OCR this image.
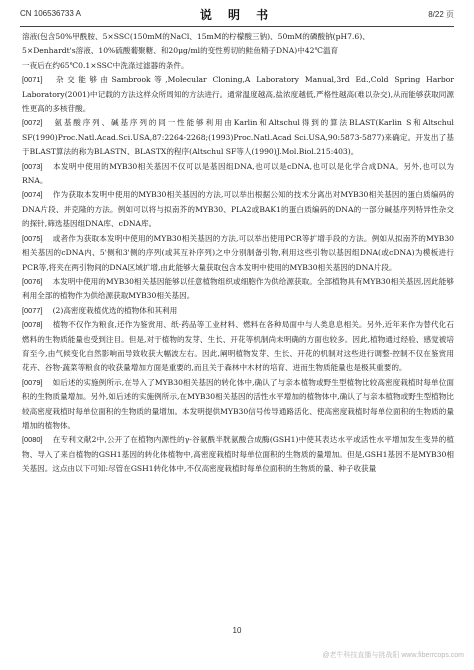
CN 106536733 A	说 明 书	8/22 页

溶液(包含50%甲酰胺、5×SSC(150mM的NaCl、15mM的柠檬酸三钠)、50mM的磷酸钠(pH7.6)、

5×Denhardt's溶液、10%硫酸葡聚糖、和20μg/ml的变性剪切的鲑鱼精子DNA)中42℃温育

一夜后在约65℃0.1×SSC中洗涤过滤器的条件。

[0071] 杂交能够由Sambrook等,Molecular Cloning,A Laboratory Manual,3rd Ed.,Cold Spring Harbor Laboratory(2001)中记载的方法这样众所周知的方法进行。通常温度越高,盐浓度越低,严格性越高(难以杂交),从而能够获取同源性更高的多核苷酸。

[0072] 氨基酸序列、碱基序列的同一性能够利用由Karlin和Altschul得到的算法BLAST(Karlin S和Altschul SF(1990)Proc.Natl.Acad.Sci.USA,87:2264-2268;(1993)Proc.Natl.Acad Sci.USA,90:5873-5877)来确定。开发出了基于BLAST算法的称为BLASTN、BLASTX的程序(Altschul SF等人(1990)J.Mol.Biol.215:403)。

[0073] 本发明中使用的MYB30相关基因不仅可以是基因组DNA,也可以是cDNA,也可以是化学合成DNA。另外,也可以为RNA。

[0074] 作为获取本发明中使用的MYB30相关基因的方法,可以举出根据公知的技术分离出对MYB30相关基因的蛋白质编码的DNA片段、并克隆的方法。例如可以将与拟南芥的MYB30、PLA2或BAK1的蛋白质编码的DNA的一部分碱基序列特异性杂交的探针,筛选基因组DNA库、cDNA库。

[0075] 或者作为获取本发明中使用的MYB30相关基因的方法,可以举出使用PCR等扩增手段的方法。例如从拟南芥的MYB30相关基因的cDNA内、5'侧和3'侧的序列(或其互补序列)之中分别制备引物,利用这些引物以基因组DNA(或cDNA)为模板进行PCR等,将夹在两引物间的DNA区域扩增,由此能够大量获取包含本发明中使用的MYB30相关基因的DNA片段。

[0076] 本发明中使用的MYB30相关基因能够以任意植物组织或细胞作为供给源获取。全部植物具有MYB30相关基因,因此能够利用全部的植物作为供给源获取MYB30相关基因。

[0077] (2)高密度栽植优选的植物体和其利用

[0078] 植物不仅作为粮食,还作为鉴赏用、纸·药品等工业材料、燃料在各种局面中与人类息息相关。另外,近年来作为替代化石燃料的生物质能量也受到注目。但是,对于植物的发芽、生长、开花等机制尚未明确的方面也较多。因此,植物通过经验、感觉被培育至今,由气候变化自然影响而导致收获大幅波左右。因此,阐明植物发芽、生长、开花的机制对这些进行调整·控制不仅在鉴赏用花卉、谷物·蔬菜等粮食的收获量增加方面是重要的,而且关于森林中木材的培育、进而生物质能量也是极其重要的。

[0079] 如后述的实施例所示,在导入了MYB30相关基因的转化体中,确认了与亲本植物或野生型植物比较高密度栽植时每单位面积的生物质量增加。另外,如后述的实施例所示,在MYB30相关基因的活性水平增加的植物体中,确认了与亲本植物或野生型植物比较高密度栽植时每单位面积的生物质的量增加。本发明提供MYB30信号传导通路活化、使高密度栽植时每单位面积的生物质的量增加的植物体。

[0080] 在专利文献2中,公开了在植物内源性的γ-谷氨酰半胱氨酸合成酶(GSH1)中使其表达水平或活性水平增加发生变异的植物、导入了来自植物的GSH1基因的转化体植物中,高密度栽植时每单位面积的生物质的量增加。但是,GSH1基因不是MYB30相关基因。这点由以下可知:尽管在GSH1转化体中,不仅高密度栽植时每单位面积的生物质的量、种子收获量

10
@老牛科技直播与挑战阳 www.fiberrcops.com
